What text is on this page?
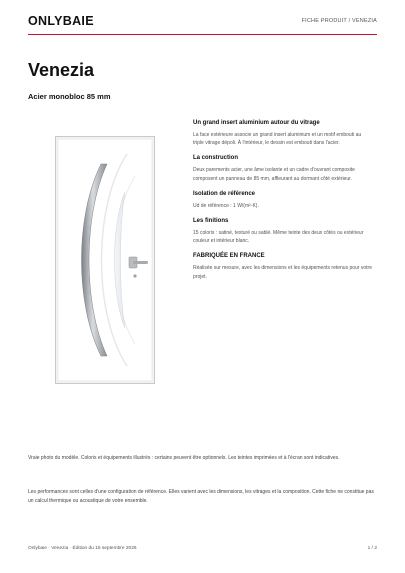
ONLYBAIE	FICHE PRODUIT / VENEZIA
Venezia
Acier monobloc 85 mm

Un grand insert aluminium autour du vitrage

La face extérieure associe un grand insert aluminium et un motif embouti au triple vitrage dépoli. À l'intérieur, le dessin est embouti dans l'acier.

La construction

Deux parements acier, une âme isolante et un cadre d'ouvrant composite composent un panneau de 85 mm, affleurant au dormant côté extérieur.

Isolation de référence

Ud de référence : 1 W/(m²·K).

Les finitions

15 coloris : satiné, texturé ou sablé. Même teinte des deux côtés ou extérieur couleur et intérieur blanc.

FABRIQUÉE EN FRANCE

Réalisée sur mesure, avec les dimensions et les équipements retenus pour votre projet.

Vraie photo du modèle. Coloris et équipements illustrés : certains peuvent être optionnels. Les teintes imprimées et à l'écran sont indicatives.

Les performances sont celles d'une configuration de référence. Elles varient avec les dimensions, les vitrages et la composition. Cette fiche ne constitue pas un calcul thermique ou acoustique de votre ensemble.

Onlybaie · Venezia · Édition du 15 septembre 2026	1 / 2
